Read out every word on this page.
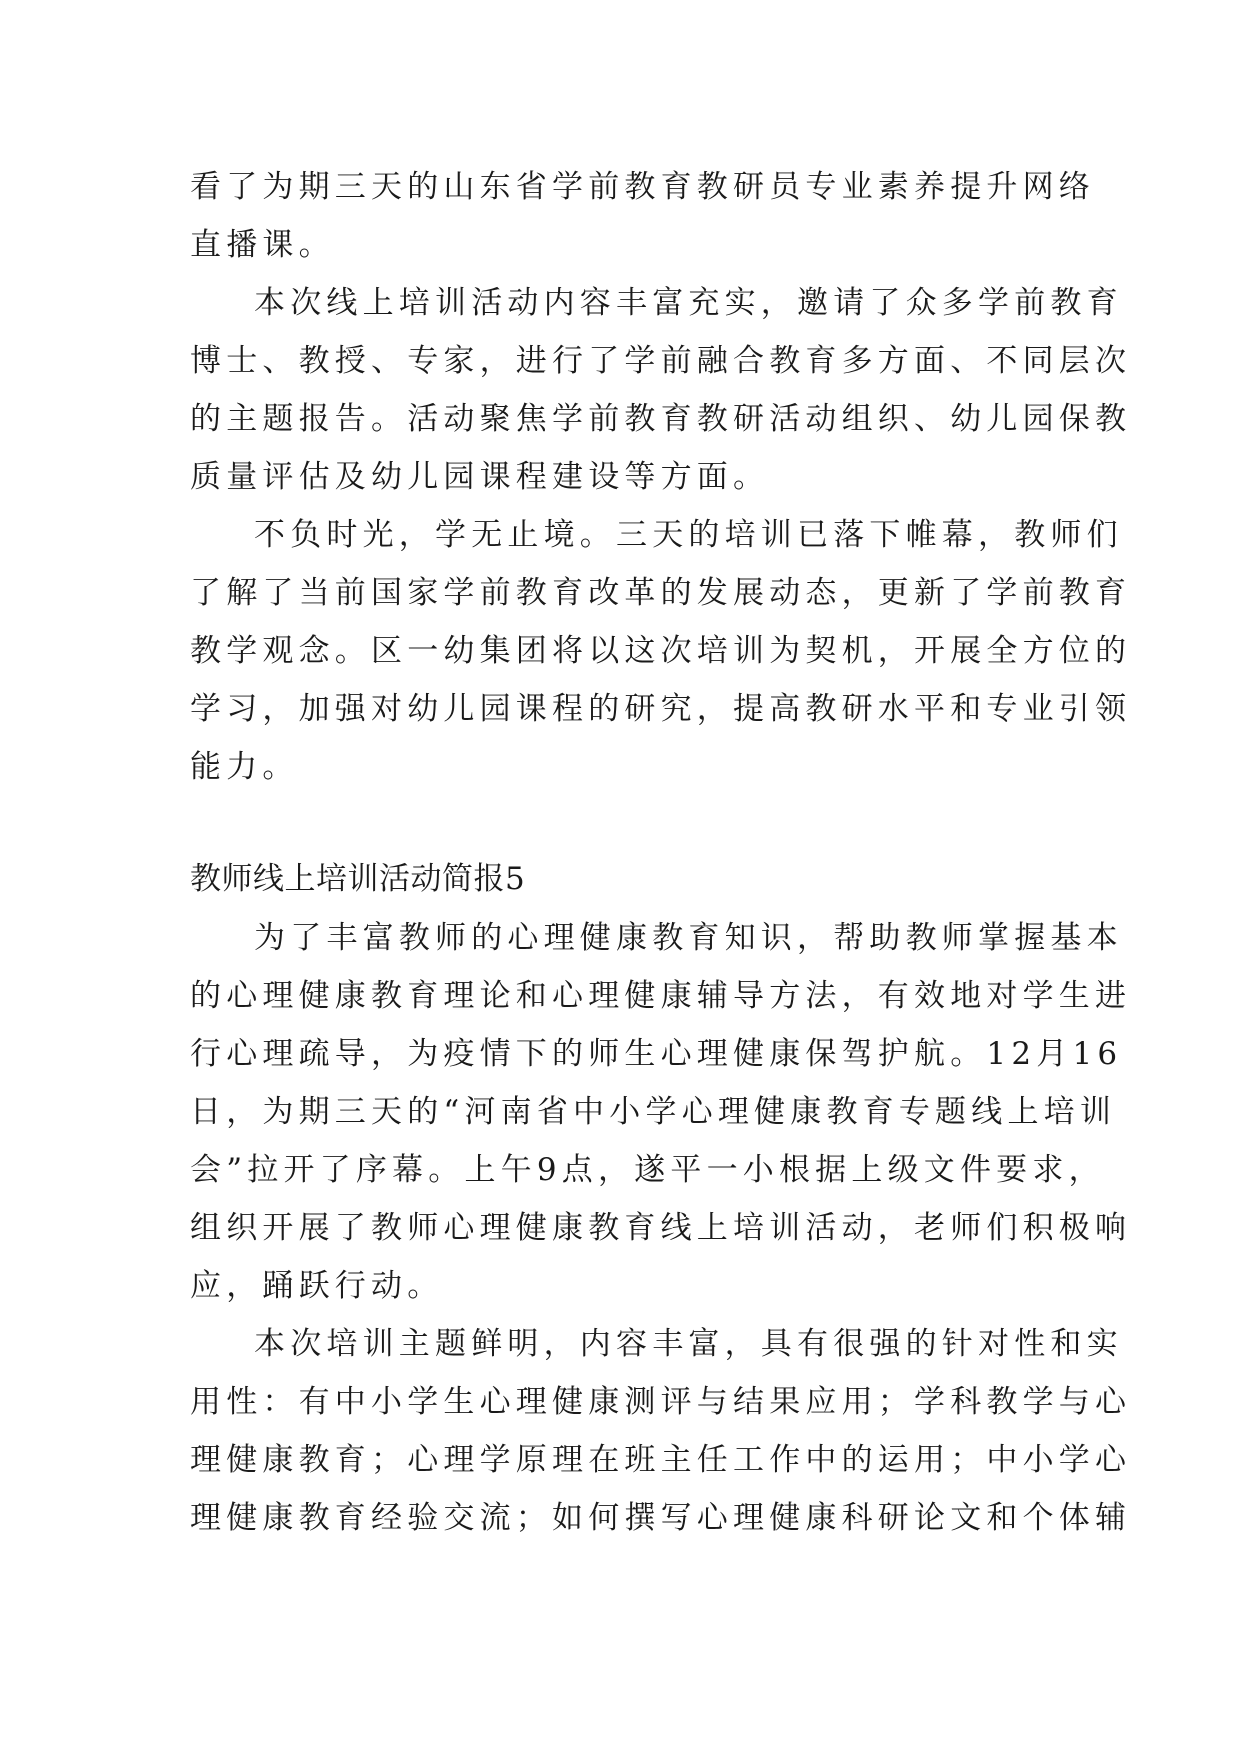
看了为期三天的山东省学前教育教研员专业素养提升网络
直播课。
本次线上培训活动内容丰富充实，邀请了众多学前教育
博士、教授、专家，进行了学前融合教育多方面、不同层次
的主题报告。活动聚焦学前教育教研活动组织、幼儿园保教
质量评估及幼儿园课程建设等方面。
不负时光，学无止境。三天的培训已落下帷幕，教师们
了解了当前国家学前教育改革的发展动态，更新了学前教育
教学观念。区一幼集团将以这次培训为契机，开展全方位的
学习，加强对幼儿园课程的研究，提高教研水平和专业引领
能力。
教师线上培训活动简报5
为了丰富教师的心理健康教育知识，帮助教师掌握基本
的心理健康教育理论和心理健康辅导方法，有效地对学生进
行心理疏导，为疫情下的师生心理健康保驾护航。12月16
日，为期三天的“河南省中小学心理健康教育专题线上培训
会”拉开了序幕。上午9点，遂平一小根据上级文件要求，
组织开展了教师心理健康教育线上培训活动，老师们积极响
应，踊跃行动。
本次培训主题鲜明，内容丰富，具有很强的针对性和实
用性：有中小学生心理健康测评与结果应用；学科教学与心
理健康教育；心理学原理在班主任工作中的运用；中小学心
理健康教育经验交流；如何撰写心理健康科研论文和个体辅
